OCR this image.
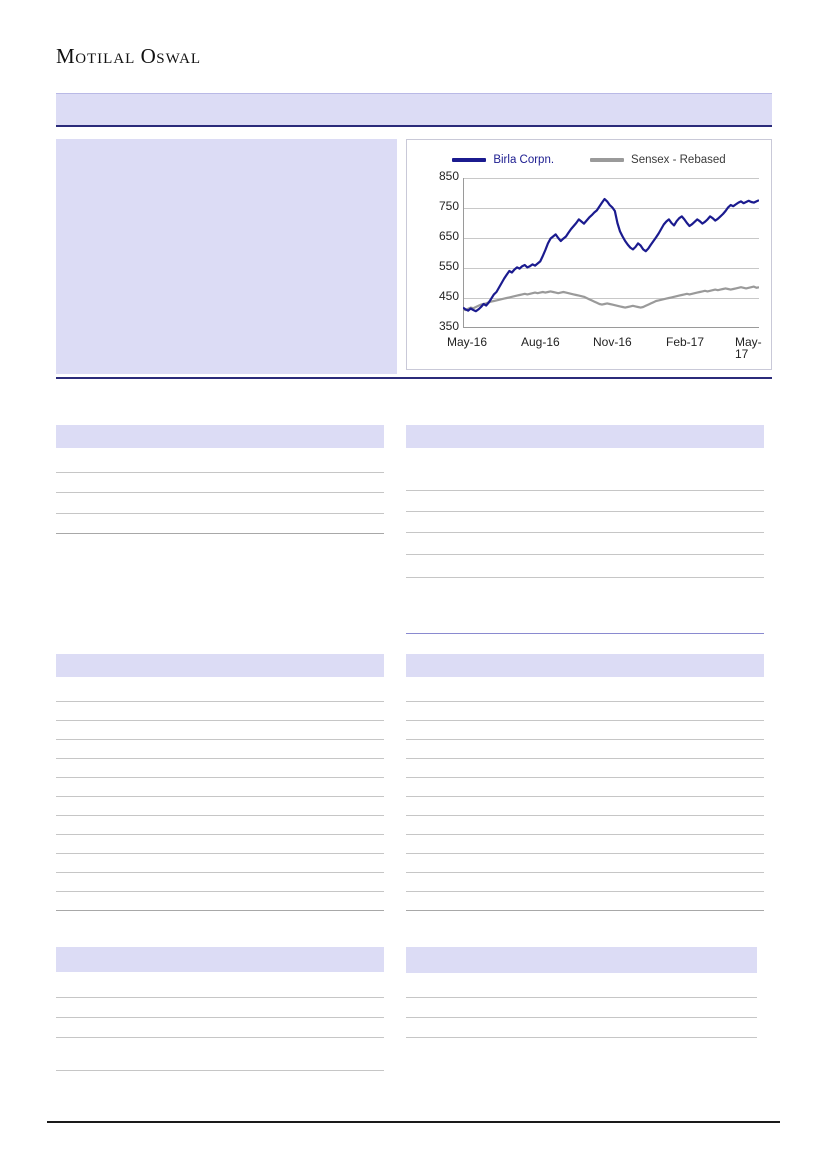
MOTILAL OSWAL
Birla Corpn.	Sensex - Rebased
850
750
650
550
450
350
May-16	Aug-16	Nov-16	Feb-17	May-17
